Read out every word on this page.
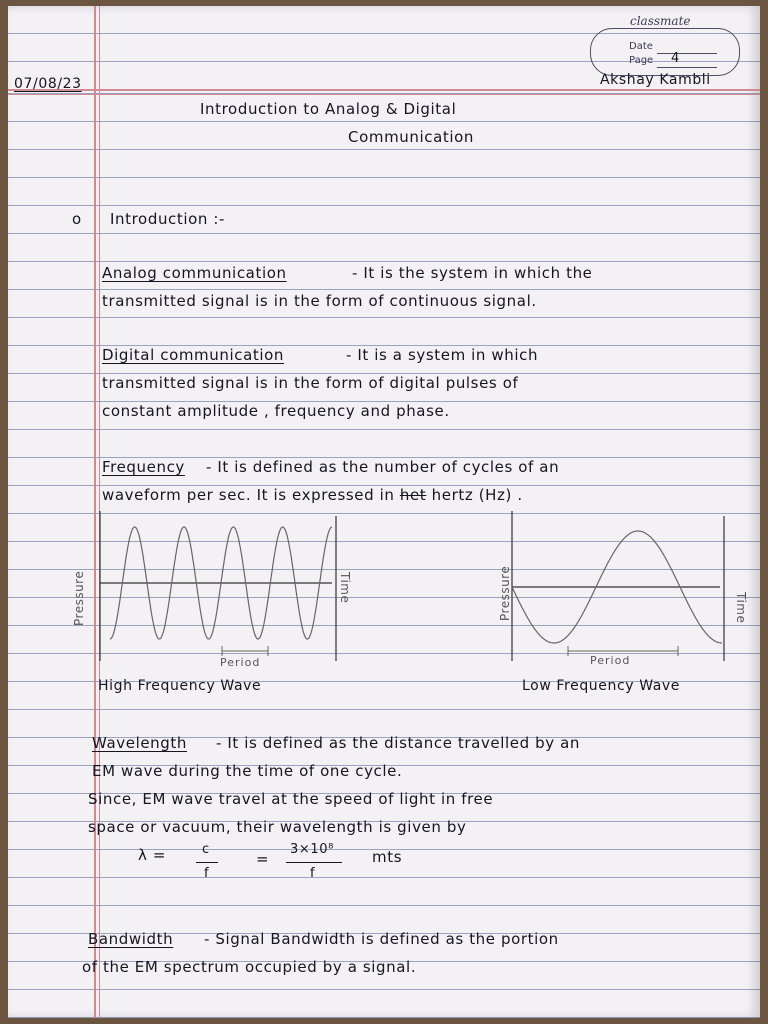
classmate
Date
Page 4
Akshay Kambli
07/08/23
Introduction to Analog & Digital
Communication
o Introduction :-
Analog communication	- It is the system in which the
transmitted signal is in the form of continuous signal.
Digital communication	- It is a system in which
transmitted signal is in the form of digital pulses of
constant amplitude , frequency and phase.
Frequency - It is defined as the number of cycles of an
waveform per sec. It is expressed in het hertz (Hz) .
Pressure	Time
Period
High Frequency Wave
Pressure	Time
Period
Low Frequency Wave
Wavelength - It is defined as the distance travelled by an
EM wave during the time of one cycle.
Since, EM wave travel at the speed of light in free
space or vacuum, their wavelength is given by
λ =	c
f
=
3×10⁸
f
mts
Bandwidth - Signal Bandwidth is defined as the portion
of the EM spectrum occupied by a signal.
